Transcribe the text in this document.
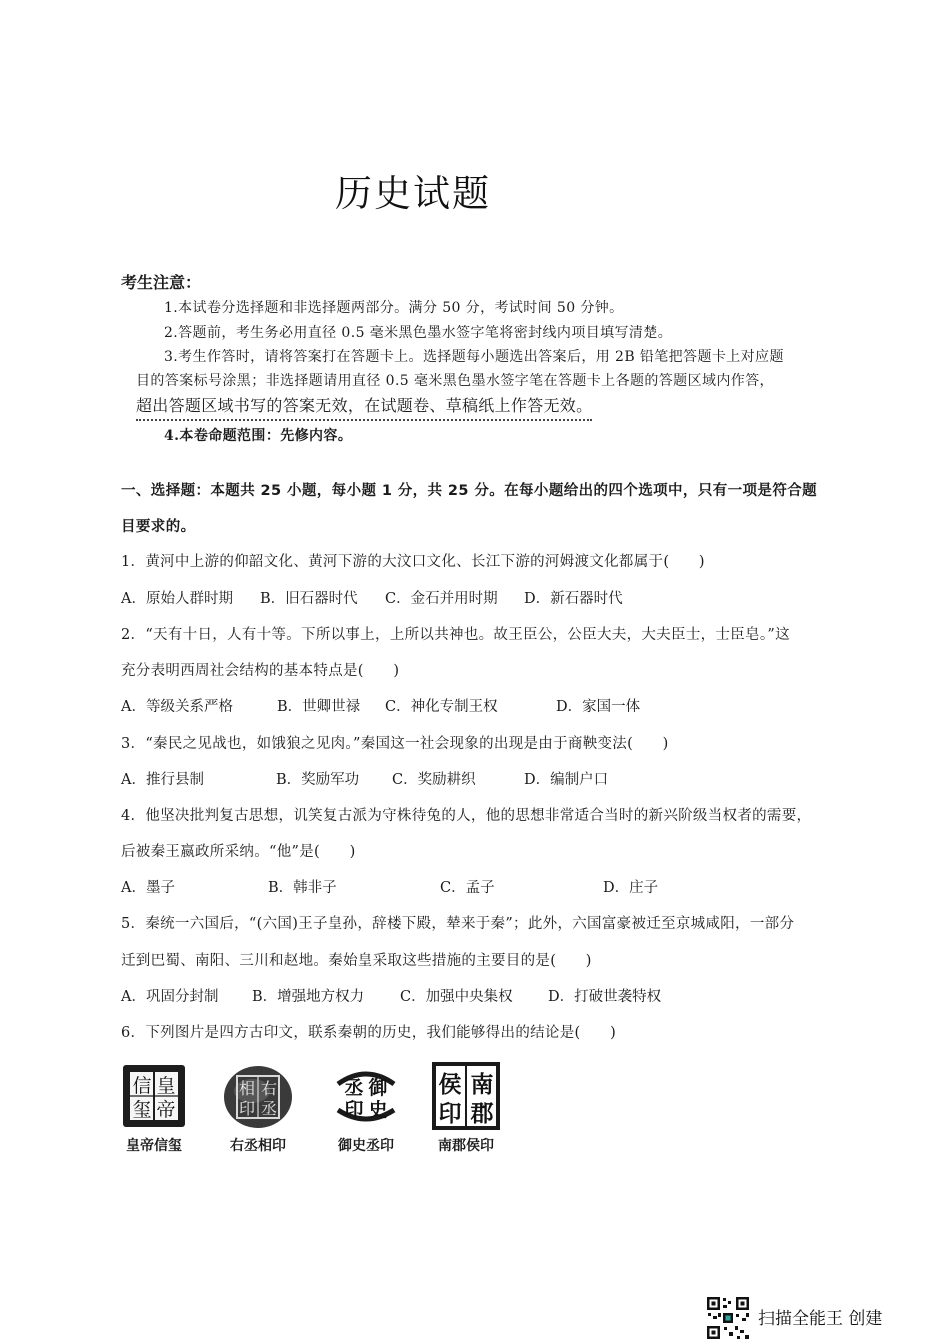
历史试题
考生注意：
1.本试卷分选择题和非选择题两部分。满分 50 分，考试时间 50 分钟。
2.答题前，考生务必用直径 0.5 毫米黑色墨水签字笔将密封线内项目填写清楚。
3.考生作答时，请将答案打在答题卡上。选择题每小题选出答案后，用 2B 铅笔把答题卡上对应题
目的答案标号涂黑；非选择题请用直径 0.5 毫米黑色墨水签字笔在答题卡上各题的答题区域内作答，
超出答题区域书写的答案无效，在试题卷、草稿纸上作答无效。
4.本卷命题范围：先修内容。
一、选择题：本题共 25 小题，每小题 1 分，共 25 分。在每小题给出的四个选项中，只有一项是符合题
目要求的。
1．黄河中上游的仰韶文化、黄河下游的大汶口文化、长江下游的河姆渡文化都属于(　　)
A．原始人群时期 B．旧石器时代 C．金石并用时期 D．新石器时代
2．“天有十日，人有十等。下所以事上，上所以共神也。故王臣公，公臣大夫，大夫臣士，士臣皂。”这
充分表明西周社会结构的基本特点是(　　)
A．等级关系严格	B．世卿世禄 C．神化专制王权	D．家国一体
3．“秦民之见战也，如饿狼之见肉。”秦国这一社会现象的出现是由于商鞅变法(　　)
A．推行县制	B．奖励军功 C．奖励耕织	D．编制户口
4．他坚决批判复古思想，讥笑复古派为守株待兔的人，他的思想非常适合当时的新兴阶级当权者的需要，
后被秦王嬴政所采纳。“他”是(　　)
A．墨子	B．韩非子	C．孟子	D．庄子
5．秦统一六国后，“(六国)王子皇孙，辞楼下殿，辇来于秦”；此外，六国富豪被迁至京城咸阳，一部分
迁到巴蜀、南阳、三川和赵地。秦始皇采取这些措施的主要目的是(　　)
A．巩固分封制 B．增强地方权力 C．加强中央集权 D．打破世袭特权
6．下列图片是四方古印文，联系秦朝的历史，我们能够得出的结论是(　　)
皇
帝
信
玺
皇帝信玺
右
丞
相
印
右丞相印
御
史
丞
印
御史丞印
南
郡
侯
印
南郡侯印
扫描全能王 创建
